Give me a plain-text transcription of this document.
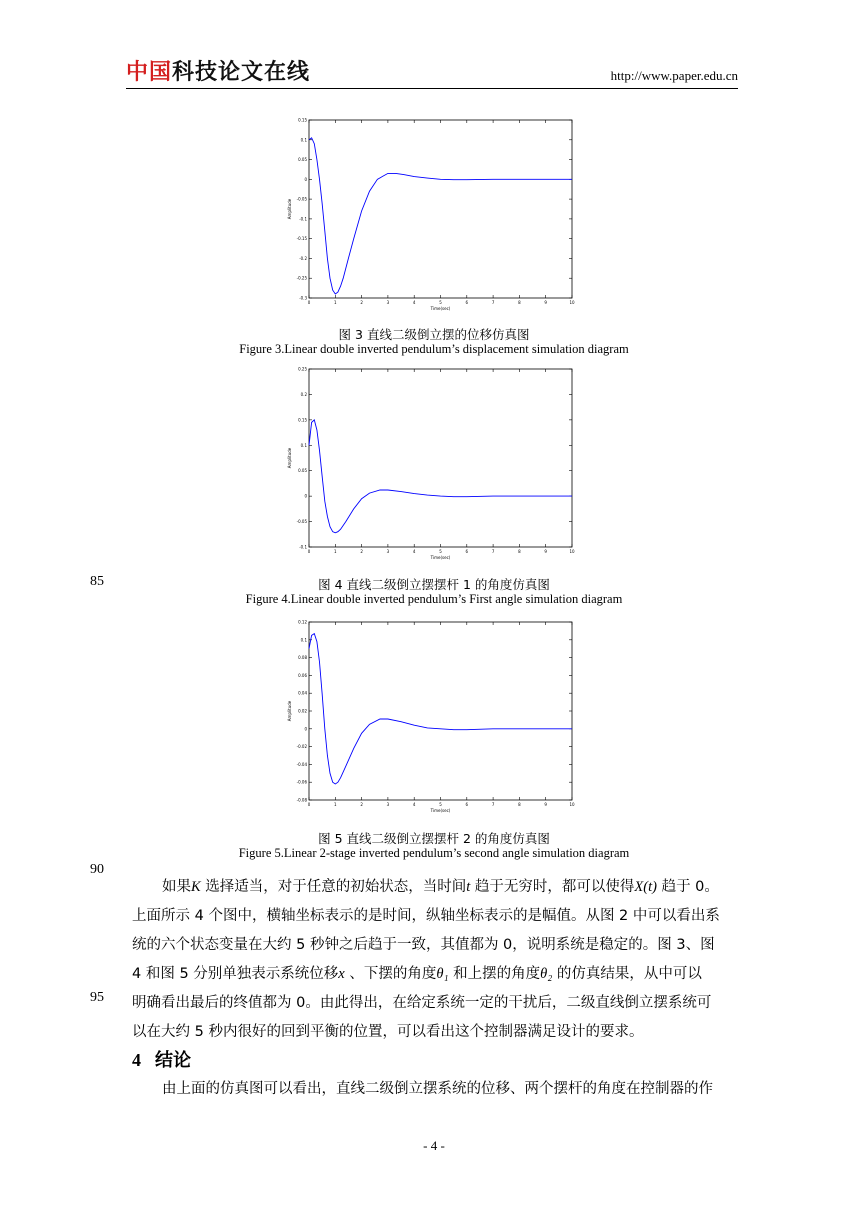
中国科技论文在线	http://www.paper.edu.cn
0	1	2	3	4	5	6	7	8	9	10
0.15
0.1
0.05
0
-0.05
-0.1
-0.15
-0.2
-0.25
-0.3
Time(sec)
Amplitude
图 3 直线二级倒立摆的位移仿真图
Figure 3.Linear double inverted pendulum’s displacement simulation diagram
0	1	2	3	4	5	6	7	8	9	10
0.25
0.2
0.15
0.1
0.05
0
-0.05
-0.1
Time(sec)
Amplitude
85	图 4 直线二级倒立摆摆杆 1 的角度仿真图
Figure 4.Linear double inverted pendulum’s First angle simulation diagram
0	1	2	3	4	5	6	7	8	9	10
0.12
0.1
0.08
0.06
0.04
0.02
0
-0.02
-0.04
-0.06
-0.08
Time(sec)
Amplitude
图 5 直线二级倒立摆摆杆 2 的角度仿真图
Figure 5.Linear 2-stage inverted pendulum’s second angle simulation diagram
90
如果K 选择适当，对于任意的初始状态，当时间t 趋于无穷时，都可以使得X(t) 趋于 0。
上面所示 4 个图中，横轴坐标表示的是时间，纵轴坐标表示的是幅值。从图 2 中可以看出系
统的六个状态变量在大约 5 秒钟之后趋于一致，其值都为 0，说明系统是稳定的。图 3、图
4 和图 5 分别单独表示系统位移x 、下摆的角度θ₁ 和上摆的角度θ₂ 的仿真结果，从中可以
明确看出最后的终值都为 0。由此得出，在给定系统一定的干扰后，二级直线倒立摆系统可
以在大约 5 秒内很好的回到平衡的位置，可以看出这个控制器满足设计的要求。
95
4 结论
由上面的仿真图可以看出，直线二级倒立摆系统的位移、两个摆杆的角度在控制器的作
- 4 -
